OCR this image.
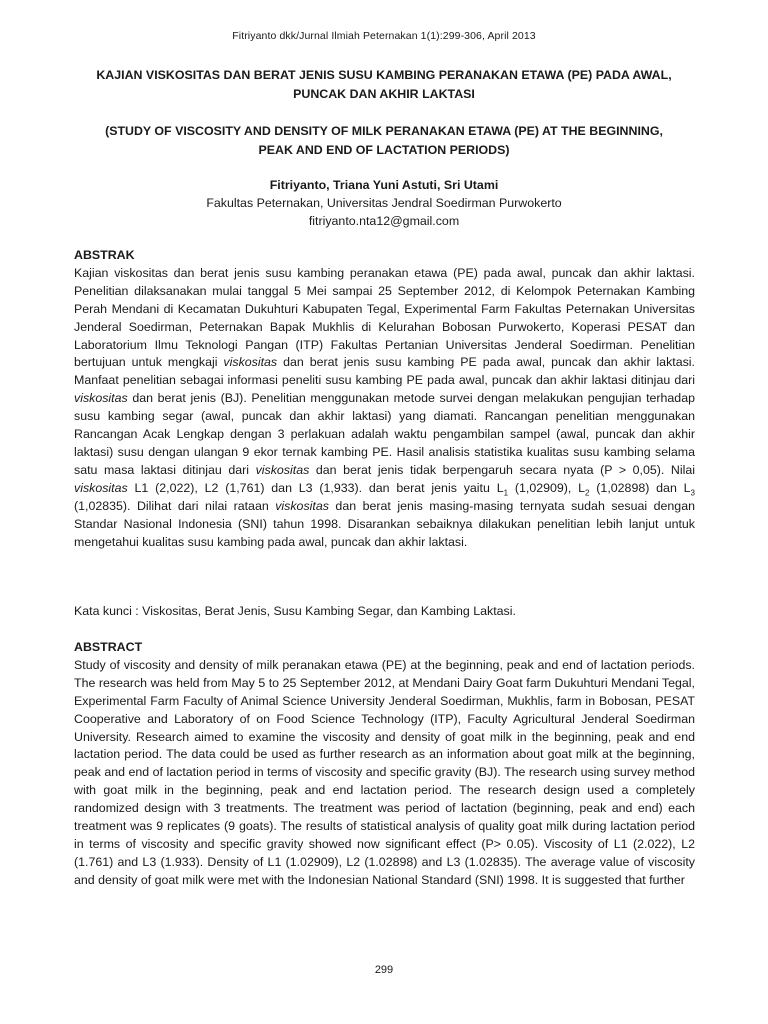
Fitriyanto dkk/Jurnal Ilmiah Peternakan 1(1):299-306, April 2013
KAJIAN VISKOSITAS DAN BERAT JENIS SUSU KAMBING PERANAKAN ETAWA (PE) PADA AWAL,
PUNCAK DAN AKHIR LAKTASI
(STUDY OF VISCOSITY AND DENSITY OF MILK PERANAKAN ETAWA (PE) AT THE BEGINNING,
PEAK AND END OF LACTATION PERIODS)
Fitriyanto, Triana Yuni Astuti, Sri Utami
Fakultas Peternakan, Universitas Jendral Soedirman Purwokerto
fitriyanto.nta12@gmail.com
ABSTRAK

Kajian viskositas dan berat jenis susu kambing peranakan etawa (PE) pada awal, puncak dan akhir laktasi. Penelitian dilaksanakan mulai tanggal 5 Mei sampai 25 September 2012, di Kelompok Peternakan Kambing Perah Mendani di Kecamatan Dukuhturi Kabupaten Tegal, Experimental Farm Fakultas Peternakan Universitas Jenderal Soedirman, Peternakan Bapak Mukhlis di Kelurahan Bobosan Purwokerto, Koperasi PESAT dan Laboratorium Ilmu Teknologi Pangan (ITP) Fakultas Pertanian Universitas Jenderal Soedirman. Penelitian bertujuan untuk mengkaji viskositas dan berat jenis susu kambing PE pada awal, puncak dan akhir laktasi. Manfaat penelitian sebagai informasi peneliti susu kambing PE pada awal, puncak dan akhir laktasi ditinjau dari viskositas dan berat jenis (BJ). Penelitian menggunakan metode survei dengan melakukan pengujian terhadap susu kambing segar (awal, puncak dan akhir laktasi) yang diamati. Rancangan penelitian menggunakan Rancangan Acak Lengkap dengan 3 perlakuan adalah waktu pengambilan sampel (awal, puncak dan akhir laktasi) susu dengan ulangan 9 ekor ternak kambing PE. Hasil analisis statistika kualitas susu kambing selama satu masa laktasi ditinjau dari viskositas dan berat jenis tidak berpengaruh secara nyata (P > 0,05). Nilai viskositas L1 (2,022), L2 (1,761) dan L3 (1,933). dan berat jenis yaitu $L_1$ (1,02909), $L_2$ (1,02898) dan $L_3$ (1,02835). Dilihat dari nilai rataan viskositas dan berat jenis masing-masing ternyata sudah sesuai dengan Standar Nasional Indonesia (SNI) tahun 1998. Disarankan sebaiknya dilakukan penelitian lebih lanjut untuk mengetahui kualitas susu kambing pada awal, puncak dan akhir laktasi.

Kata kunci : Viskositas, Berat Jenis, Susu Kambing Segar, dan Kambing Laktasi.

ABSTRACT

Study of viscosity and density of milk peranakan etawa (PE) at the beginning, peak and end of lactation periods. The research was held from May 5 to 25 September 2012, at Mendani Dairy Goat farm Dukuhturi Mendani Tegal, Experimental Farm Faculty of Animal Science University Jenderal Soedirman, Mukhlis, farm in Bobosan, PESAT Cooperative and Laboratory of on Food Science Technology (ITP), Faculty Agricultural Jenderal Soedirman University. Research aimed to examine the viscosity and density of goat milk in the beginning, peak and end lactation period. The data could be used as further research as an information about goat milk at the beginning, peak and end of lactation period in terms of viscosity and specific gravity (BJ). The research using survey method with goat milk in the beginning, peak and end lactation period. The research design used a completely randomized design with 3 treatments. The treatment was period of lactation (beginning, peak and end) each treatment was 9 replicates (9 goats). The results of statistical analysis of quality goat milk during lactation period in terms of viscosity and specific gravity showed now significant effect (P> 0.05). Viscosity of L1 (2.022), L2 (1.761) and L3 (1.933). Density of L1 (1.02909), L2 (1.02898) and L3 (1.02835). The average value of viscosity and density of goat milk were met with the Indonesian National Standard (SNI) 1998. It is suggested that further

299
